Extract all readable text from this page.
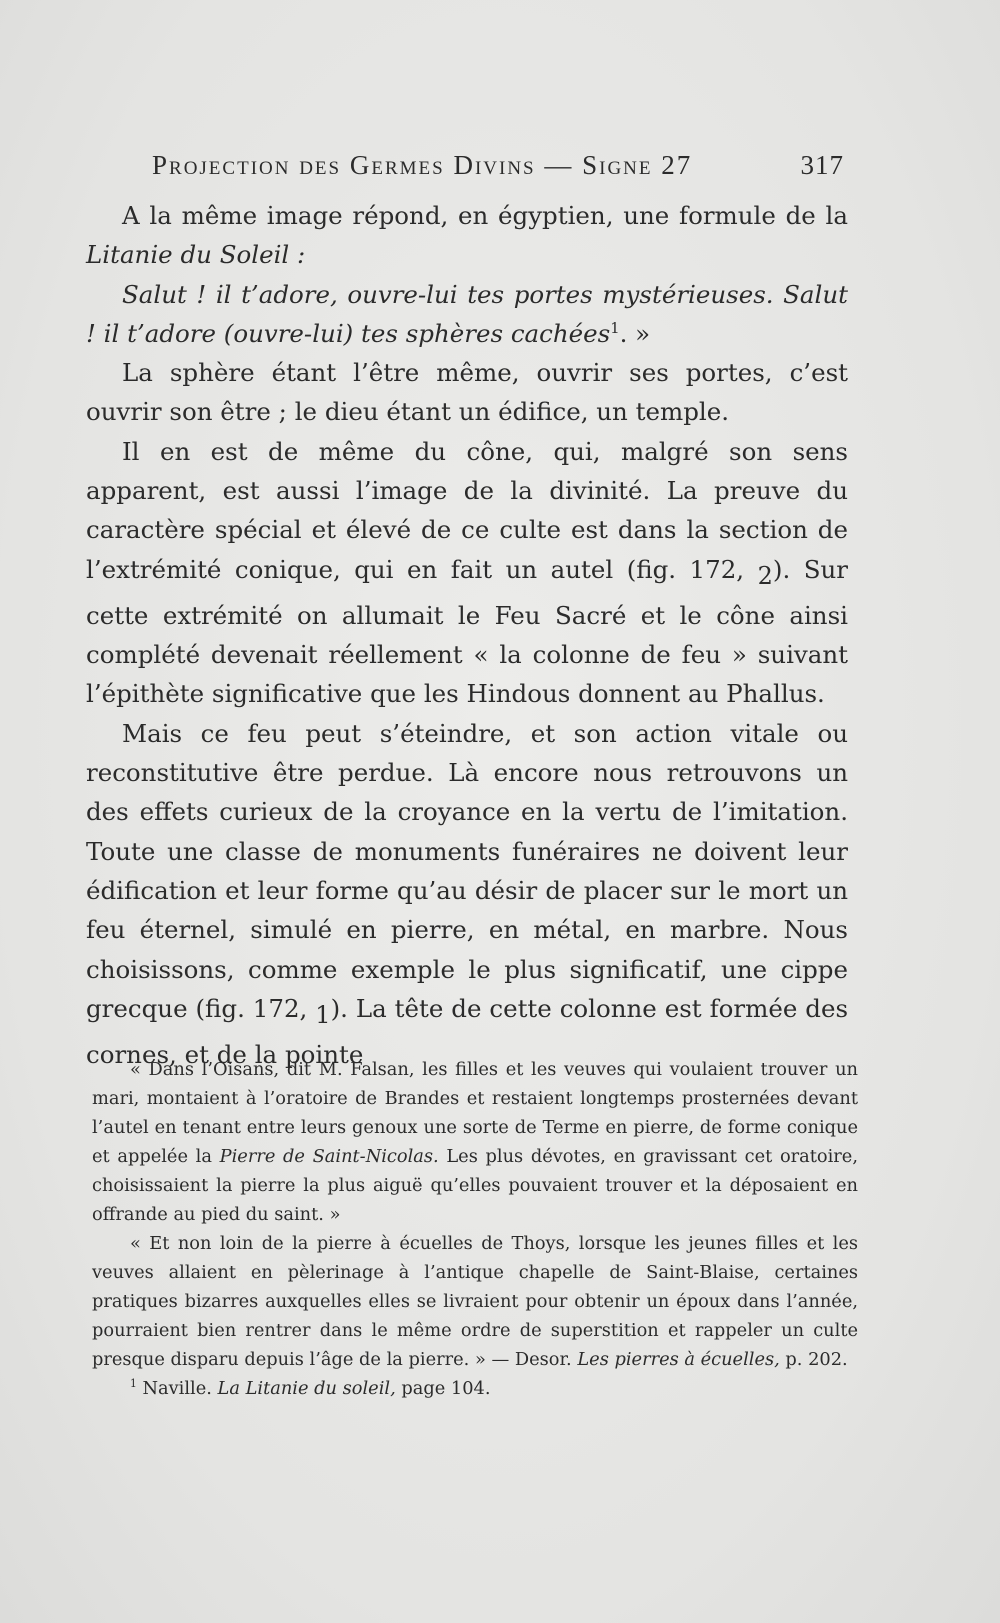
Projection des Germes Divins — Signe 27	317

A la même image répond, en égyptien, une formule de la Litanie du Soleil :

Salut ! il t’adore, ouvre-lui tes portes mystérieuses. Salut ! il t’adore (ouvre-lui) tes sphères cachées$^1$. »

La sphère étant l’être même, ouvrir ses portes, c’est ouvrir son être ; le dieu étant un édifice, un temple.

Il en est de même du cône, qui, malgré son sens apparent, est aussi l’image de la divinité. La preuve du caractère spécial et élevé de ce culte est dans la section de l’extrémité conique, qui en fait un autel (fig. 172, $_2$). Sur cette extrémité on allumait le Feu Sacré et le cône ainsi complété devenait réellement « la colonne de feu » suivant l’épithète significative que les Hindous donnent au Phallus.

Mais ce feu peut s’éteindre, et son action vitale ou reconstitutive être perdue. Là encore nous retrouvons un des effets curieux de la croyance en la vertu de l’imitation. Toute une classe de monuments funéraires ne doivent leur édification et leur forme qu’au désir de placer sur le mort un feu éternel, simulé en pierre, en métal, en marbre. Nous choisissons, comme exemple le plus significatif, une cippe grecque (fig. 172, $_1$). La tête de cette colonne est formée des cornes, et de la pointe

« Dans l’Oisans, dit M. Falsan, les filles et les veuves qui voulaient trouver un mari, montaient à l’oratoire de Brandes et restaient longtemps prosternées devant l’autel en tenant entre leurs genoux une sorte de Terme en pierre, de forme conique et appelée la Pierre de Saint-Nicolas. Les plus dévotes, en gravissant cet oratoire, choisissaient la pierre la plus aiguë qu’elles pouvaient trouver et la déposaient en offrande au pied du saint. »

« Et non loin de la pierre à écuelles de Thoys, lorsque les jeunes filles et les veuves allaient en pèlerinage à l’antique chapelle de Saint-Blaise, certaines pratiques bizarres auxquelles elles se livraient pour obtenir un époux dans l’année, pourraient bien rentrer dans le même ordre de superstition et rappeler un culte presque disparu depuis l’âge de la pierre. » — Desor. Les pierres à écuelles, p. 202.

$^1$ Naville. La Litanie du soleil, page 104.
